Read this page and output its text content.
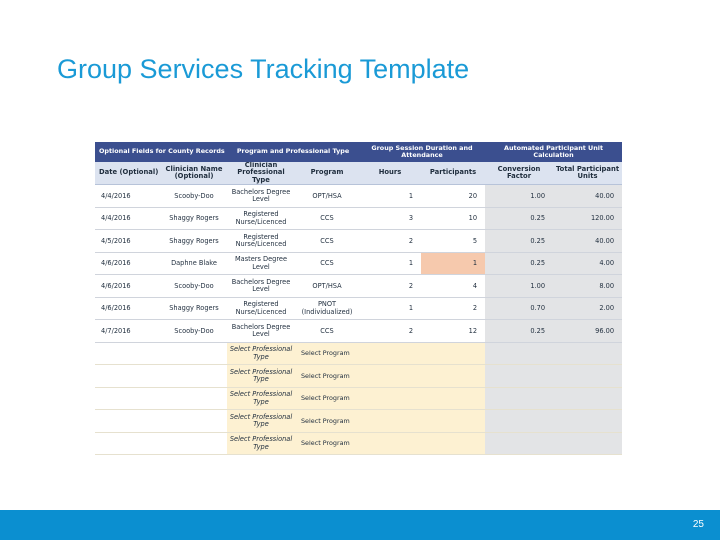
Group Services Tracking Template
Optional Fields for County Records		Program and Professional Type		Group Session Duration and Attendance		Automated Participant Unit Calculation	
Date (Optional)	Clinician Name (Optional)	Clinician Professional Type	Program	Hours	Participants	Conversion Factor	Total Participant Units
4/4/2016	Scooby-Doo	Bachelors Degree Level	OPT/HSA	1	20	1.00	40.00
4/4/2016	Shaggy Rogers	Registered Nurse/Licenced	CCS	3	10	0.25	120.00
4/5/2016	Shaggy Rogers	Registered Nurse/Licenced	CCS	2	5	0.25	40.00
4/6/2016	Daphne Blake	Masters Degree Level	CCS	1	1	0.25	4.00
4/6/2016	Scooby-Doo	Bachelors Degree Level	OPT/HSA	2	4	1.00	8.00
4/6/2016	Shaggy Rogers	Registered Nurse/Licenced	PNOT (Individualized)	1	2	0.70	2.00
4/7/2016	Scooby-Doo	Bachelors Degree Level	CCS	2	12	0.25	96.00
		Select Professional Type	Select Program				
		Select Professional Type	Select Program				
		Select Professional Type	Select Program				
		Select Professional Type	Select Program				
		Select Professional Type	Select Program				
25
